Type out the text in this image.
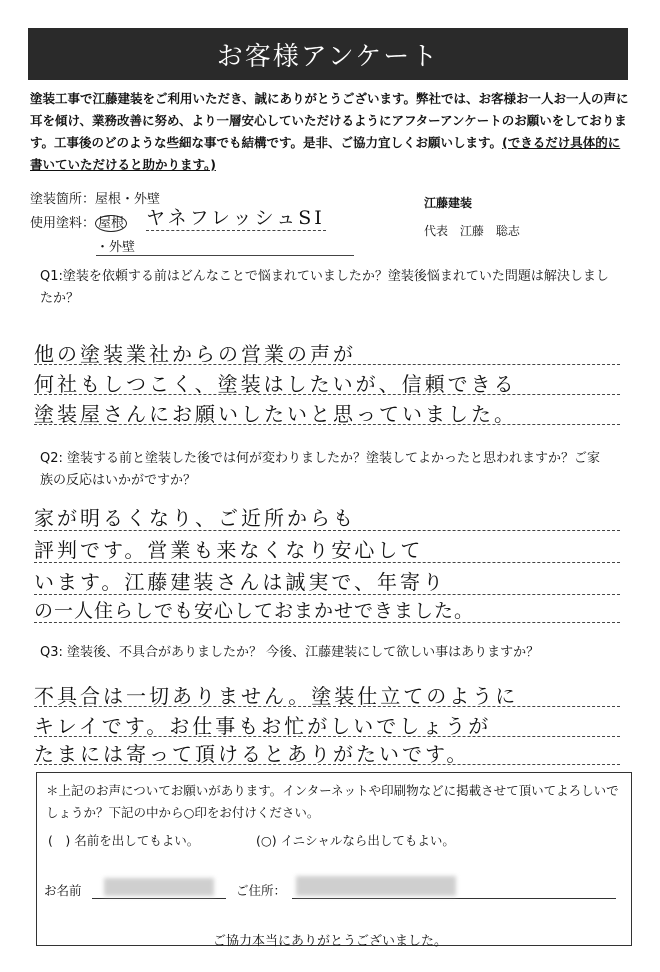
お客様アンケート
塗装工事で江藤建装をご利用いただき、誠にありがとうございます。弊社では、お客様お一人お一人の声に耳を傾け、業務改善に努め、より一層安心していただけるようにアフターアンケートのお願いをしております。工事後のどのような些細な事でも結構です。是非、ご協力宜しくお願いします。(できるだけ具体的に書いていただけると助かります。)
塗装箇所：屋根・外壁
使用塗料： 屋根 ヤネフレッシュSI
・外壁
江藤建装
代表 江藤　聡志
Q1:塗装を依頼する前はどんなことで悩まれていましたか？塗装後悩まれていた問題は解決しましたか？
他の塗装業社からの営業の声が
何社もしつこく、塗装はしたいが、信頼できる
塗装屋さんにお願いしたいと思っていました。
Q2: 塗装する前と塗装した後では何が変わりましたか？塗装してよかったと思われますか？ご家族の反応はいかがですか？
家が明るくなり、ご近所からも
評判です。営業も来なくなり安心して
います。江藤建装さんは誠実で、年寄り
の一人住らしでも安心しておまかせできました。
Q3: 塗装後、不具合がありましたか？ 今後、江藤建装にして欲しい事はありますか？
不具合は一切ありません。塗装仕立てのように
キレイです。お仕事もお忙がしいでしょうが
たまには寄って頂けるとありがたいです。
＊上記のお声についてお願いがあります。インターネットや印刷物などに掲載させて頂いてよろしいでしょうか？下記の中から○印をお付けください。
(　) 名前を出してもよい。	(○) イニシャルなら出してもよい。
お名前	ご住所：
ご協力本当にありがとうございました。
